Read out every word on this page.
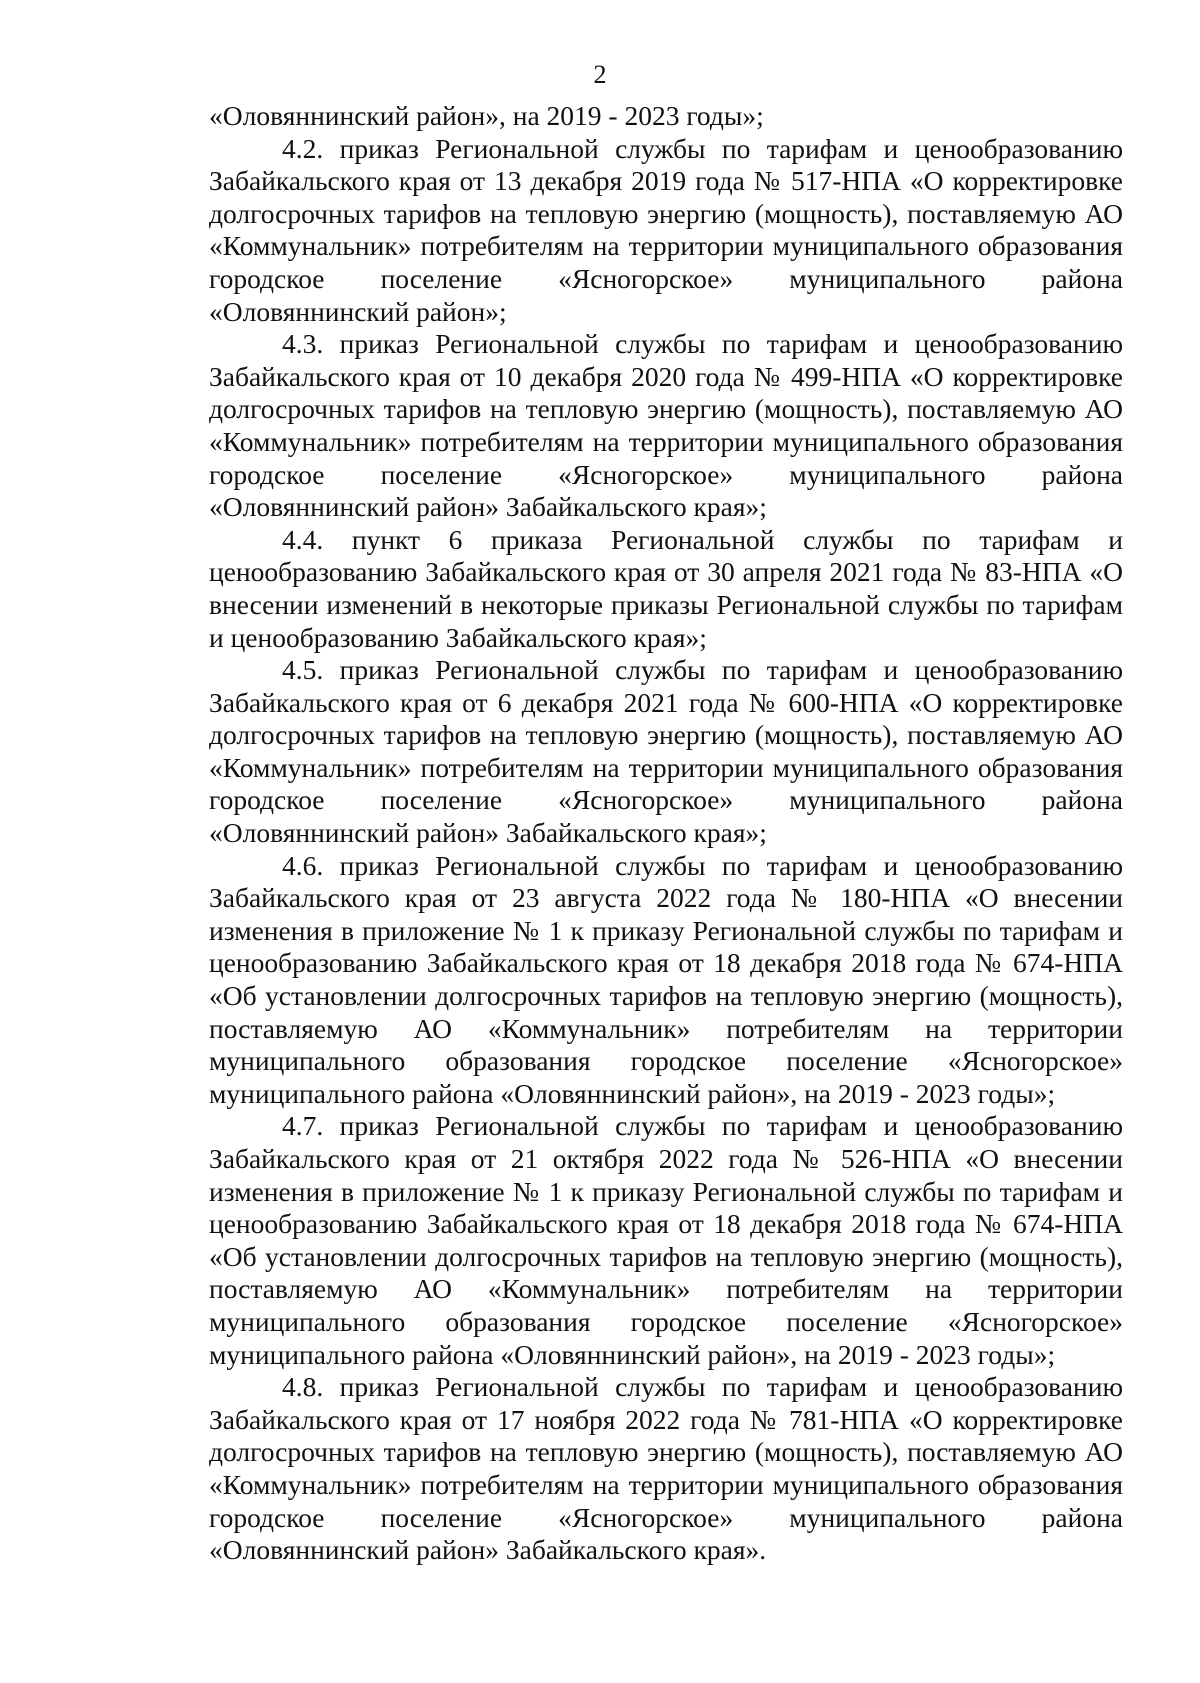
2

«Оловяннинский район», на 2019 - 2023 годы»;

4.2. приказ Региональной службы по тарифам и ценообразованию Забайкальского края от 13 декабря 2019 года № 517-НПА «О корректировке долгосрочных тарифов на тепловую энергию (мощность), поставляемую АО «Коммунальник» потребителям на территории муниципального образования городское поселение «Ясногорское» муниципального района «Оловяннинский район»;

4.3. приказ Региональной службы по тарифам и ценообразованию Забайкальского края от 10 декабря 2020 года № 499-НПА «О корректировке долгосрочных тарифов на тепловую энергию (мощность), поставляемую АО «Коммунальник» потребителям на территории муниципального образования городское поселение «Ясногорское» муниципального района «Оловяннинский район» Забайкальского края»;

4.4. пункт 6 приказа Региональной службы по тарифам и ценообразованию Забайкальского края от 30 апреля 2021 года № 83-НПА «О внесении изменений в некоторые приказы Региональной службы по тарифам и ценообразованию Забайкальского края»;

4.5. приказ Региональной службы по тарифам и ценообразованию Забайкальского края от 6 декабря 2021 года № 600-НПА «О корректировке долгосрочных тарифов на тепловую энергию (мощность), поставляемую АО «Коммунальник» потребителям на территории муниципального образования городское поселение «Ясногорское» муниципального района «Оловяннинский район» Забайкальского края»;

4.6. приказ Региональной службы по тарифам и ценообразованию Забайкальского края от 23 августа 2022 года № 180-НПА «О внесении изменения в приложение № 1 к приказу Региональной службы по тарифам и ценообразованию Забайкальского края от 18 декабря 2018 года № 674-НПА «Об установлении долгосрочных тарифов на тепловую энергию (мощность), поставляемую АО «Коммунальник» потребителям на территории муниципального образования городское поселение «Ясногорское» муниципального района «Оловяннинский район», на 2019 - 2023 годы»;

4.7. приказ Региональной службы по тарифам и ценообразованию Забайкальского края от 21 октября 2022 года № 526-НПА «О внесении изменения в приложение № 1 к приказу Региональной службы по тарифам и ценообразованию Забайкальского края от 18 декабря 2018 года № 674-НПА «Об установлении долгосрочных тарифов на тепловую энергию (мощность), поставляемую АО «Коммунальник» потребителям на территории муниципального образования городское поселение «Ясногорское» муниципального района «Оловяннинский район», на 2019 - 2023 годы»;

4.8. приказ Региональной службы по тарифам и ценообразованию Забайкальского края от 17 ноября 2022 года № 781-НПА «О корректировке долгосрочных тарифов на тепловую энергию (мощность), поставляемую АО «Коммунальник» потребителям на территории муниципального образования городское поселение «Ясногорское» муниципального района «Оловяннинский район» Забайкальского края».
